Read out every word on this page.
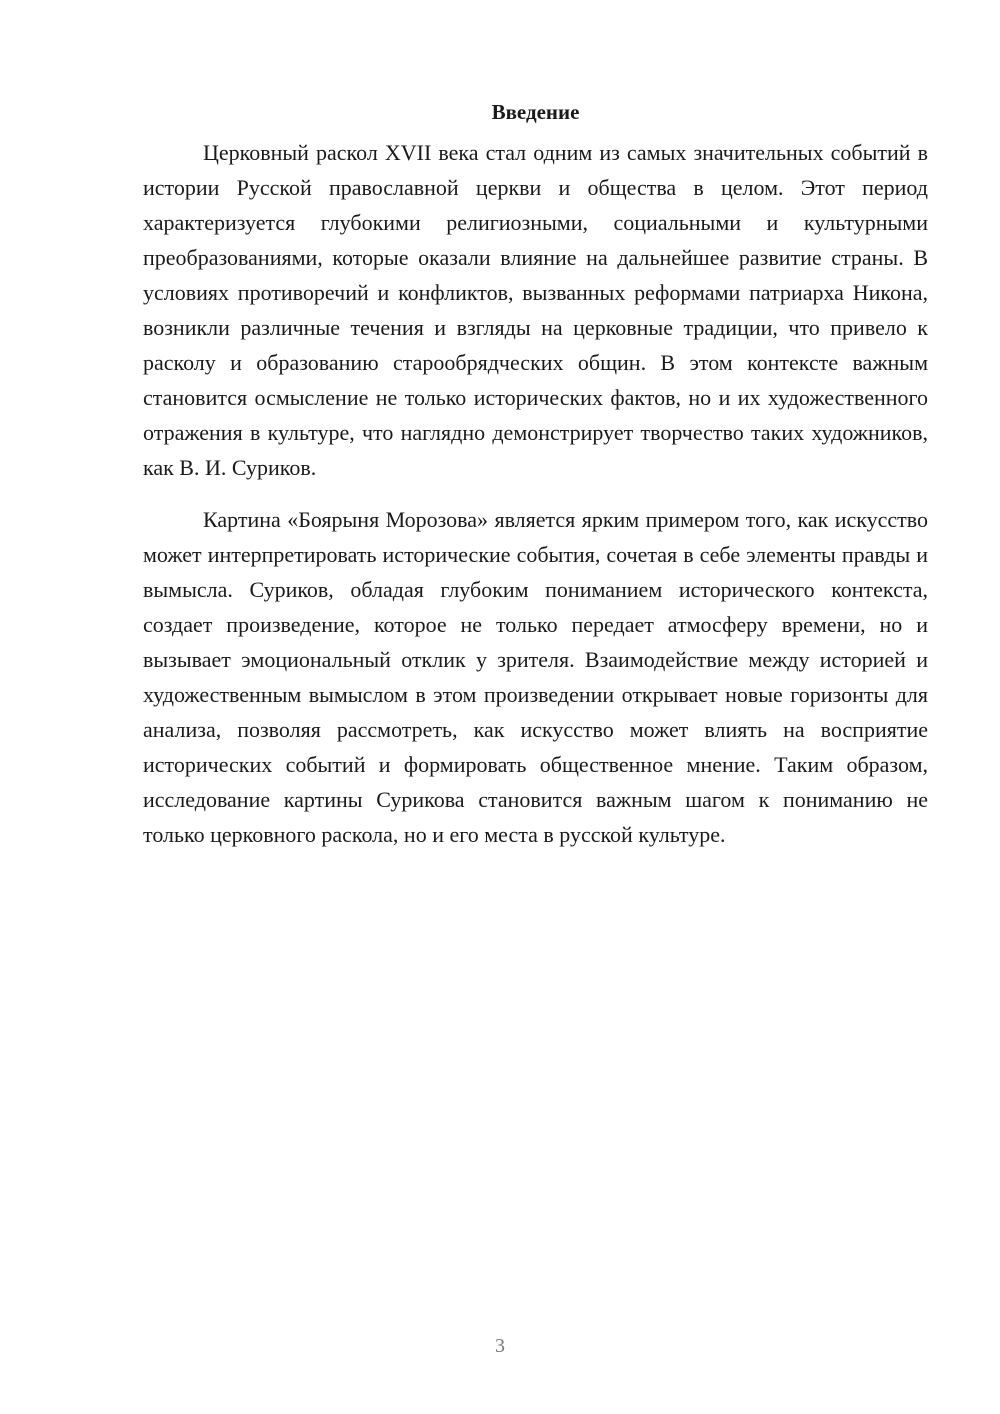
Введение

Церковный раскол XVII века стал одним из самых значительных событий в истории Русской православной церкви и общества в целом. Этот период характеризуется глубокими религиозными, социальными и культурными преобразованиями, которые оказали влияние на дальнейшее развитие страны. В условиях противоречий и конфликтов, вызванных реформами патриарха Никона, возникли различные течения и взгляды на церковные традиции, что привело к расколу и образованию старообрядческих общин. В этом контексте важным становится осмысление не только исторических фактов, но и их художественного отражения в культуре, что наглядно демонстрирует творчество таких художников, как В. И. Суриков.

Картина «Боярыня Морозова» является ярким примером того, как искусство может интерпретировать исторические события, сочетая в себе элементы правды и вымысла. Суриков, обладая глубоким пониманием исторического контекста, создает произведение, которое не только передает атмосферу времени, но и вызывает эмоциональный отклик у зрителя. Взаимодействие между историей и художественным вымыслом в этом произведении открывает новые горизонты для анализа, позволяя рассмотреть, как искусство может влиять на восприятие исторических событий и формировать общественное мнение. Таким образом, исследование картины Сурикова становится важным шагом к пониманию не только церковного раскола, но и его места в русской культуре.

3
